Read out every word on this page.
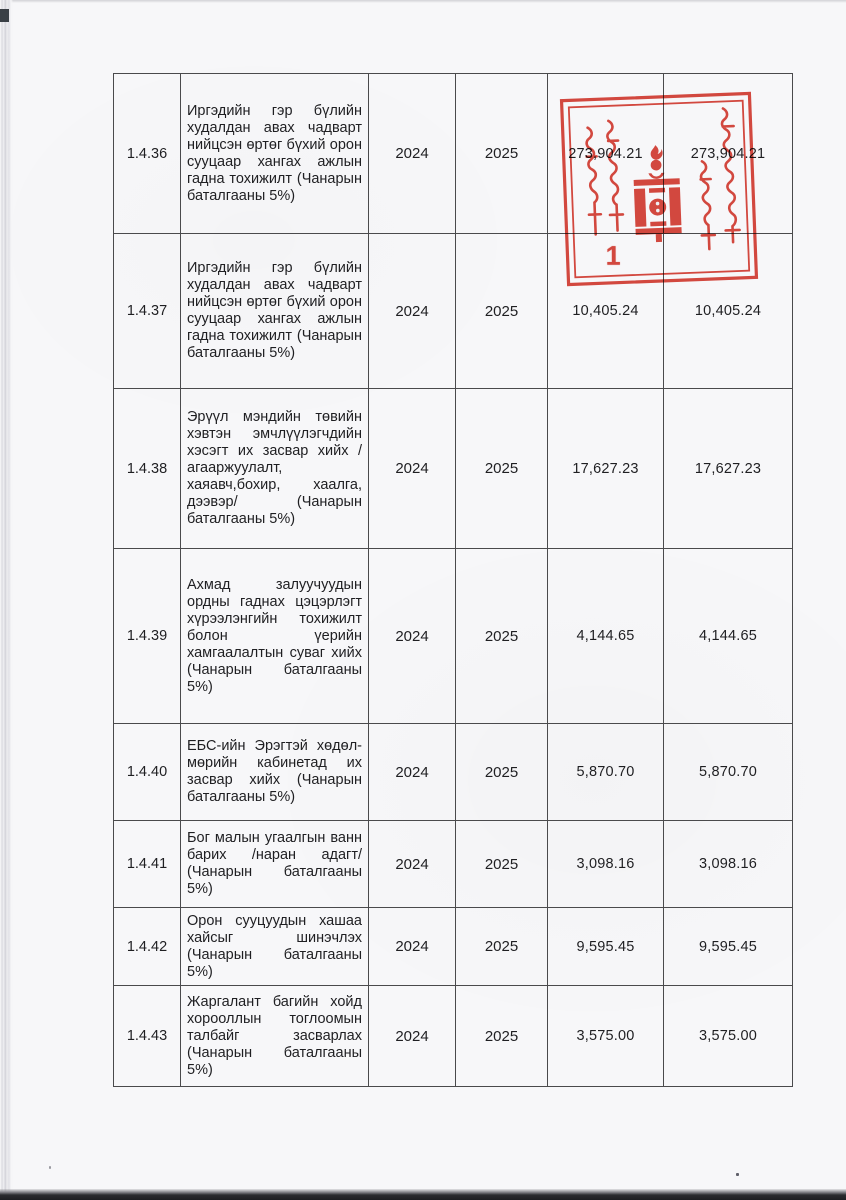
1.4.36	Иргэдийн гэр бүлийн худалдан авах чадварт нийцсэн өртөг бүхий орон сууцаар хангах ажлын гадна тохижилт (Чанарын баталгааны 5%)	2024	2025	273,904.21	273,904.21
1.4.37	Иргэдийн гэр бүлийн худалдан авах чадварт нийцсэн өртөг бүхий орон сууцаар хангах ажлын гадна тохижилт (Чанарын баталгааны 5%)	2024	2025	10,405.24	10,405.24
1.4.38	Эрүүл мэндийн төвийн хэвтэн эмчлүүлэгчдийн хэсэгт их засвар хийх /агааржуулалт, хаяавч,бохир, хаалга, дээвэр/ (Чанарын баталгааны 5%)	2024	2025	17,627.23	17,627.23
1.4.39	Ахмад залуучуудын ордны гаднах цэцэрлэгт хүрээлэнгийн тохижилт болон үерийн хамгаалалтын суваг хийх (Чанарын баталгааны 5%)	2024	2025	4,144.65	4,144.65
1.4.40	ЕБС-ийн Эрэгтэй хөдөл-мөрийн кабинетад их засвар хийх (Чанарын баталгааны 5%)	2024	2025	5,870.70	5,870.70
1.4.41	Бог малын угаалгын ванн барих /наран адагт/ (Чанарын баталгааны 5%)	2024	2025	3,098.16	3,098.16
1.4.42	Орон сууцуудын хашаа хайсыг шинэчлэх (Чанарын баталгааны 5%)	2024	2025	9,595.45	9,595.45
1.4.43	Жаргалант багийн хойд хорооллын тоглоомын талбайг засварлах (Чанарын баталгааны 5%)	2024	2025	3,575.00	3,575.00
1
